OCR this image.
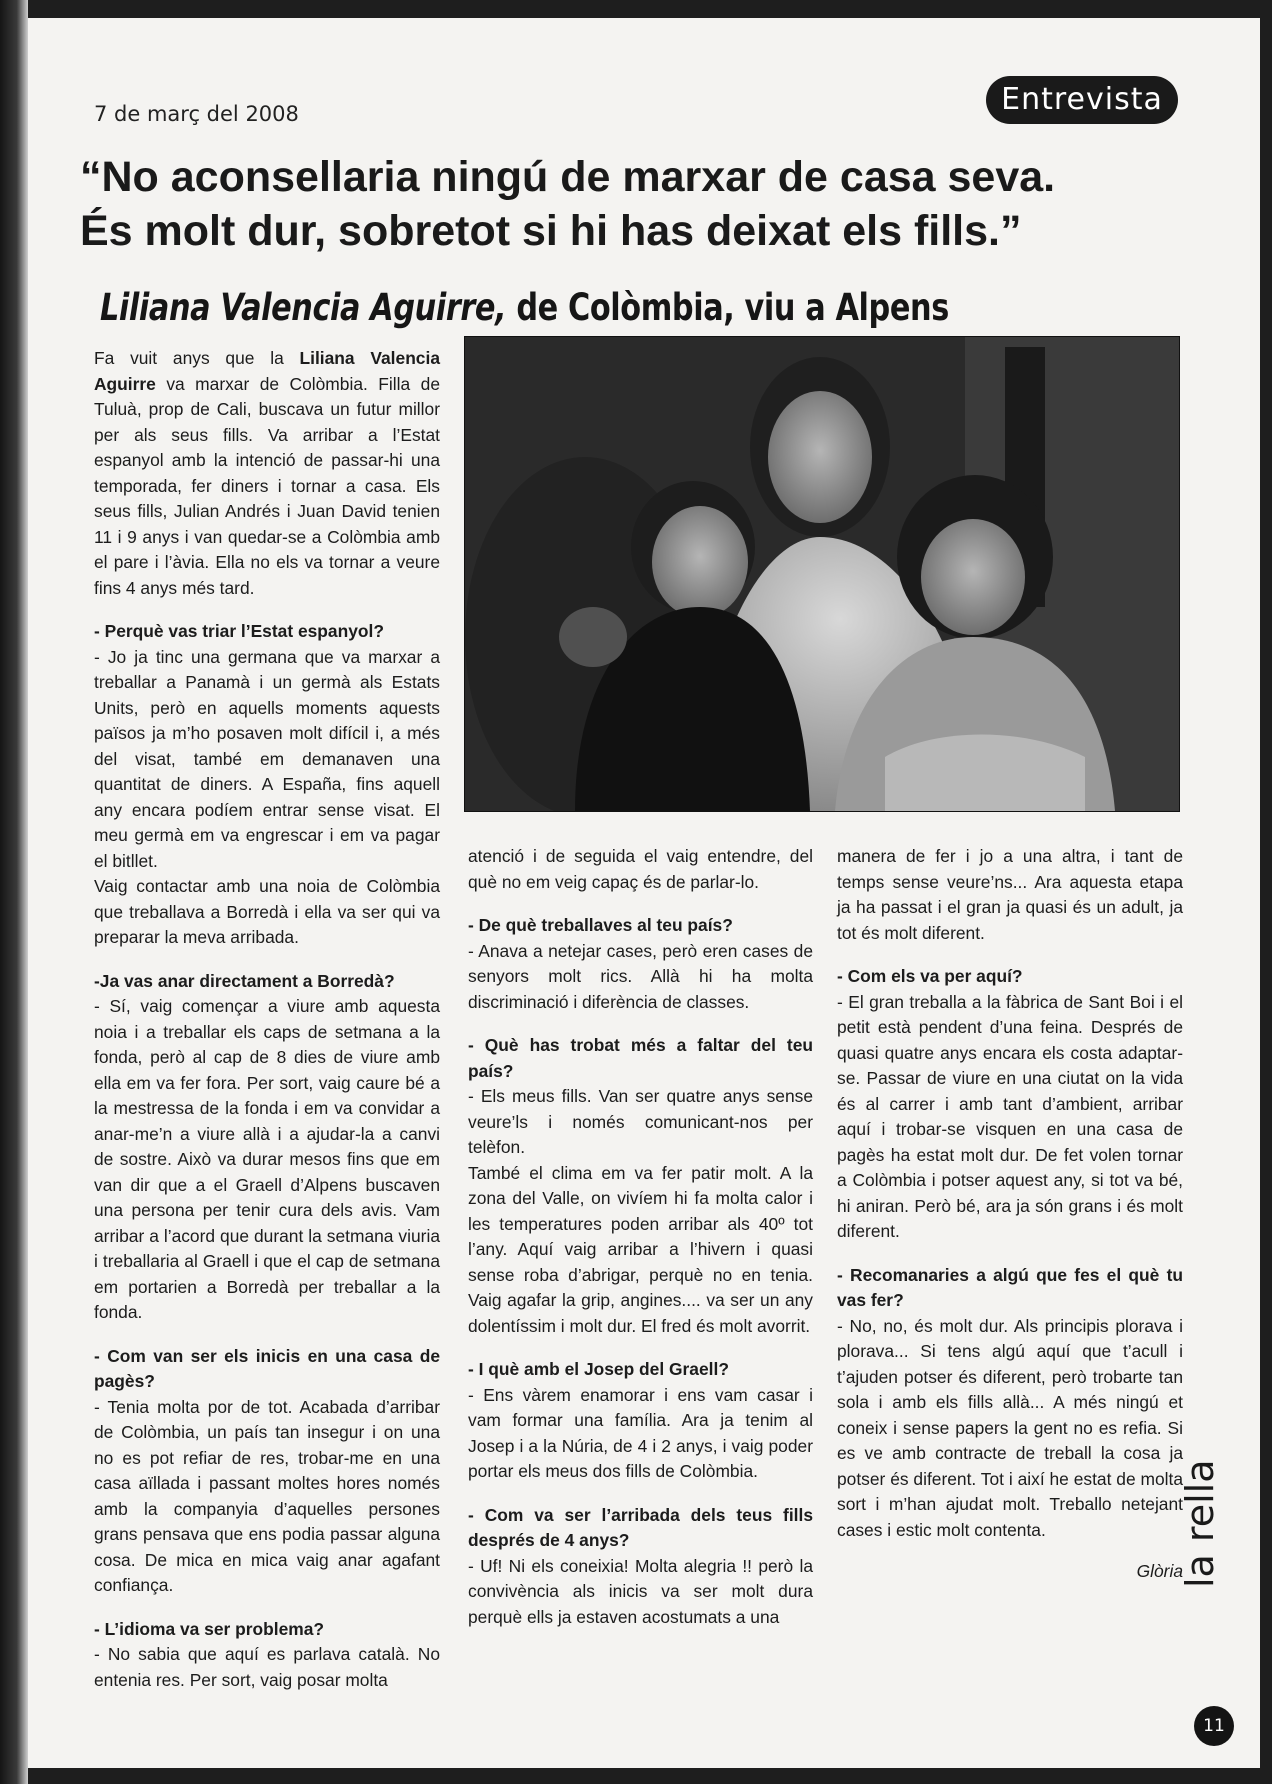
7 de març del 2008	Entrevista
“No aconsellaria ningú de marxar de casa seva.
És molt dur, sobretot si hi has deixat els fills.”
Liliana Valencia Aguirre, de Colòmbia, viu a Alpens

Fa vuit anys que la Liliana Valencia Aguirre va marxar de Colòmbia. Filla de Tuluà, prop de Cali, buscava un futur millor per als seus fills. Va arribar a l’Estat espanyol amb la intenció de passar-hi una temporada, fer diners i tornar a casa. Els seus fills, Julian Andrés i Juan David tenien 11 i 9 anys i van quedar-se a Colòmbia amb el pare i l’àvia. Ella no els va tornar a veure fins 4 anys més tard.

- Perquè vas triar l’Estat espanyol?

- Jo ja tinc una germana que va marxar a treballar a Panamà i un germà als Estats Units, però en aquells moments aquests països ja m’ho posaven molt difícil i, a més del visat, també em demanaven una quantitat de diners. A España, fins aquell any encara podíem entrar sense visat. El meu germà em va engrescar i em va pagar el bitllet.

Vaig contactar amb una noia de Colòmbia que treballava a Borredà i ella va ser qui va preparar la meva arribada.

-Ja vas anar directament a Borredà?

- Sí, vaig començar a viure amb aquesta noia i a treballar els caps de setmana a la fonda, però al cap de 8 dies de viure amb ella em va fer fora. Per sort, vaig caure bé a la mestressa de la fonda i em va convidar a anar-me’n a viure allà i a ajudar-la a canvi de sostre. Això va durar mesos fins que em van dir que a el Graell d’Alpens buscaven una persona per tenir cura dels avis. Vam arribar a l’acord que durant la setmana viuria i treballaria al Graell i que el cap de setmana em portarien a Borredà per treballar a la fonda.

- Com van ser els inicis en una casa de pagès?

- Tenia molta por de tot. Acabada d’arribar de Colòmbia, un país tan insegur i on una no es pot refiar de res, trobar-me en una casa aïllada i passant moltes hores només amb la companyia d’aquelles persones grans pensava que ens podia passar alguna cosa. De mica en mica vaig anar agafant confiança.

- L’idioma va ser problema?

- No sabia que aquí es parlava català. No entenia res. Per sort, vaig posar molta

atenció i de seguida el vaig entendre, del què no em veig capaç és de parlar-lo.

- De què treballaves al teu país?

- Anava a netejar cases, però eren cases de senyors molt rics. Allà hi ha molta discriminació i diferència de classes.

- Què has trobat més a faltar del teu país?

- Els meus fills. Van ser quatre anys sense veure’ls i només comunicant-nos per telèfon.

També el clima em va fer patir molt. A la zona del Valle, on vivíem hi fa molta calor i les temperatures poden arribar als 40º tot l’any. Aquí vaig arribar a l’hivern i quasi sense roba d’abrigar, perquè no en tenia. Vaig agafar la grip, angines.... va ser un any dolentíssim i molt dur. El fred és molt avorrit.

- I què amb el Josep del Graell?

- Ens vàrem enamorar i ens vam casar i vam formar una família. Ara ja tenim al Josep i a la Núria, de 4 i 2 anys, i vaig poder portar els meus dos fills de Colòmbia.

- Com va ser l’arribada dels teus fills després de 4 anys?

- Uf! Ni els coneixia! Molta alegria !! però la convivència als inicis va ser molt dura perquè ells ja estaven acostumats a una

manera de fer i jo a una altra, i tant de temps sense veure’ns... Ara aquesta etapa ja ha passat i el gran ja quasi és un adult, ja tot és molt diferent.

- Com els va per aquí?

- El gran treballa a la fàbrica de Sant Boi i el petit està pendent d’una feina. Després de quasi quatre anys encara els costa adaptar-se. Passar de viure en una ciutat on la vida és al carrer i amb tant d’ambient, arribar aquí i trobar-se visquen en una casa de pagès ha estat molt dur. De fet volen tornar a Colòmbia i potser aquest any, si tot va bé, hi aniran. Però bé, ara ja són grans i és molt diferent.

- Recomanaries a algú que fes el què tu vas fer?

- No, no, és molt dur. Als principis plorava i plorava... Si tens algú aquí que t’acull i t’ajuden potser és diferent, però trobarte tan sola i amb els fills allà... A més ningú et coneix i sense papers la gent no es refia. Si es ve amb contracte de treball la cosa ja potser és diferent. Tot i així he estat de molta sort i m’han ajudat molt. Treballo netejant cases i estic molt contenta.

Glòria

la rella
11
